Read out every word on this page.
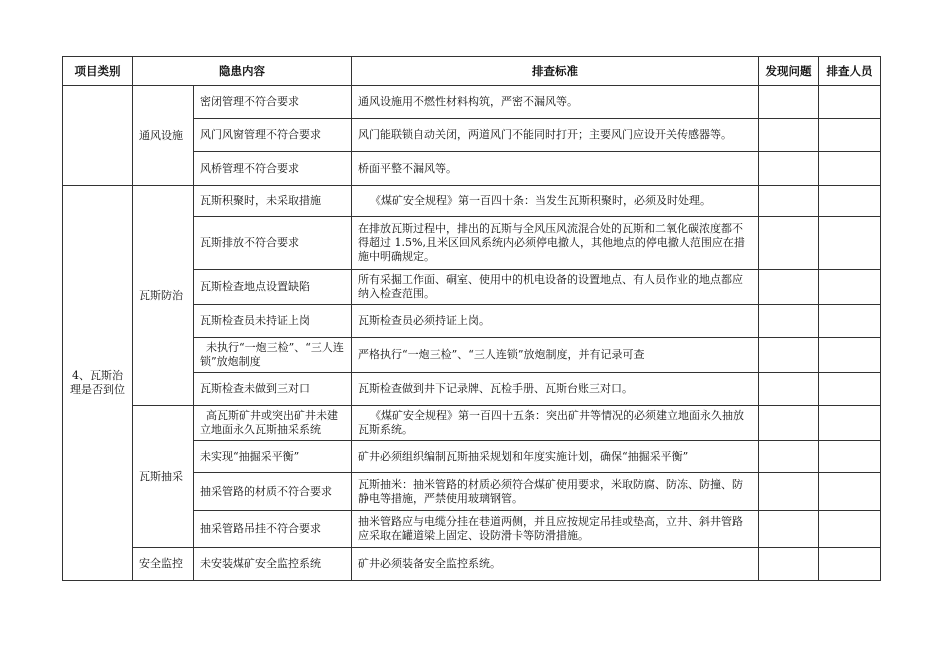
项目类别	隐患内容		排查标准	发现问题	排查人员
	通风设施	密闭管理不符合要求	通风设施用不燃性材料构筑，严密不漏风等。		
		风门风窗管理不符合要求	风门能联锁自动关闭，两道风门不能同时打开；主要风门应设开关传感器等。		
		风桥管理不符合要求	桥面平整不漏风等。		
4、瓦斯治理是否到位	瓦斯防治	瓦斯积聚时，未采取措施	《煤矿安全规程》第一百四十条：当发生瓦斯积聚时，必须及时处理。		
		瓦斯排放不符合要求	在排放瓦斯过程中，排出的瓦斯与全风压风流混合处的瓦斯和二氧化碳浓度都不得超过 1.5%,且米区回风系统内必须停电撤人，其他地点的停电撤人范围应在措施中明确规定。		
		瓦斯检查地点设置缺陷	所有采掘工作面、硐室、使用中的机电设备的设置地点、有人员作业的地点都应纳入检查范围。		
		瓦斯检查员未持证上岗	瓦斯检查员必须持证上岗。		
		未执行“一炮三检”、“三人连锁”放炮制度	严格执行“一炮三检”、“三人连锁”放炮制度，并有记录可查		
		瓦斯检查未做到三对口	瓦斯检查做到井下记录牌、瓦检手册、瓦斯台账三对口。		
	瓦斯抽采	高瓦斯矿井或突出矿井未建立地面永久瓦斯抽采系统	《煤矿安全规程》第一百四十五条：突出矿井等情况的必须建立地面永久抽放瓦斯系统。		
		未实现“抽掘采平衡”	矿井必须组织编制瓦斯抽采规划和年度实施计划，确保“抽掘采平衡”		
		抽采管路的材质不符合要求	瓦斯抽米：抽米管路的材质必须符合煤矿使用要求，米取防腐、防冻、防撞、防静电等措施，严禁使用玻璃钢管。		
		抽采管路吊挂不符合要求	抽米管路应与电缆分挂在巷道两侧，并且应按规定吊挂或垫高，立井、斜井管路应采取在罐道梁上固定、设防滑卡等防滑措施。		
	安全监控	未安装煤矿安全监控系统	矿井必须装备安全监控系统。		
